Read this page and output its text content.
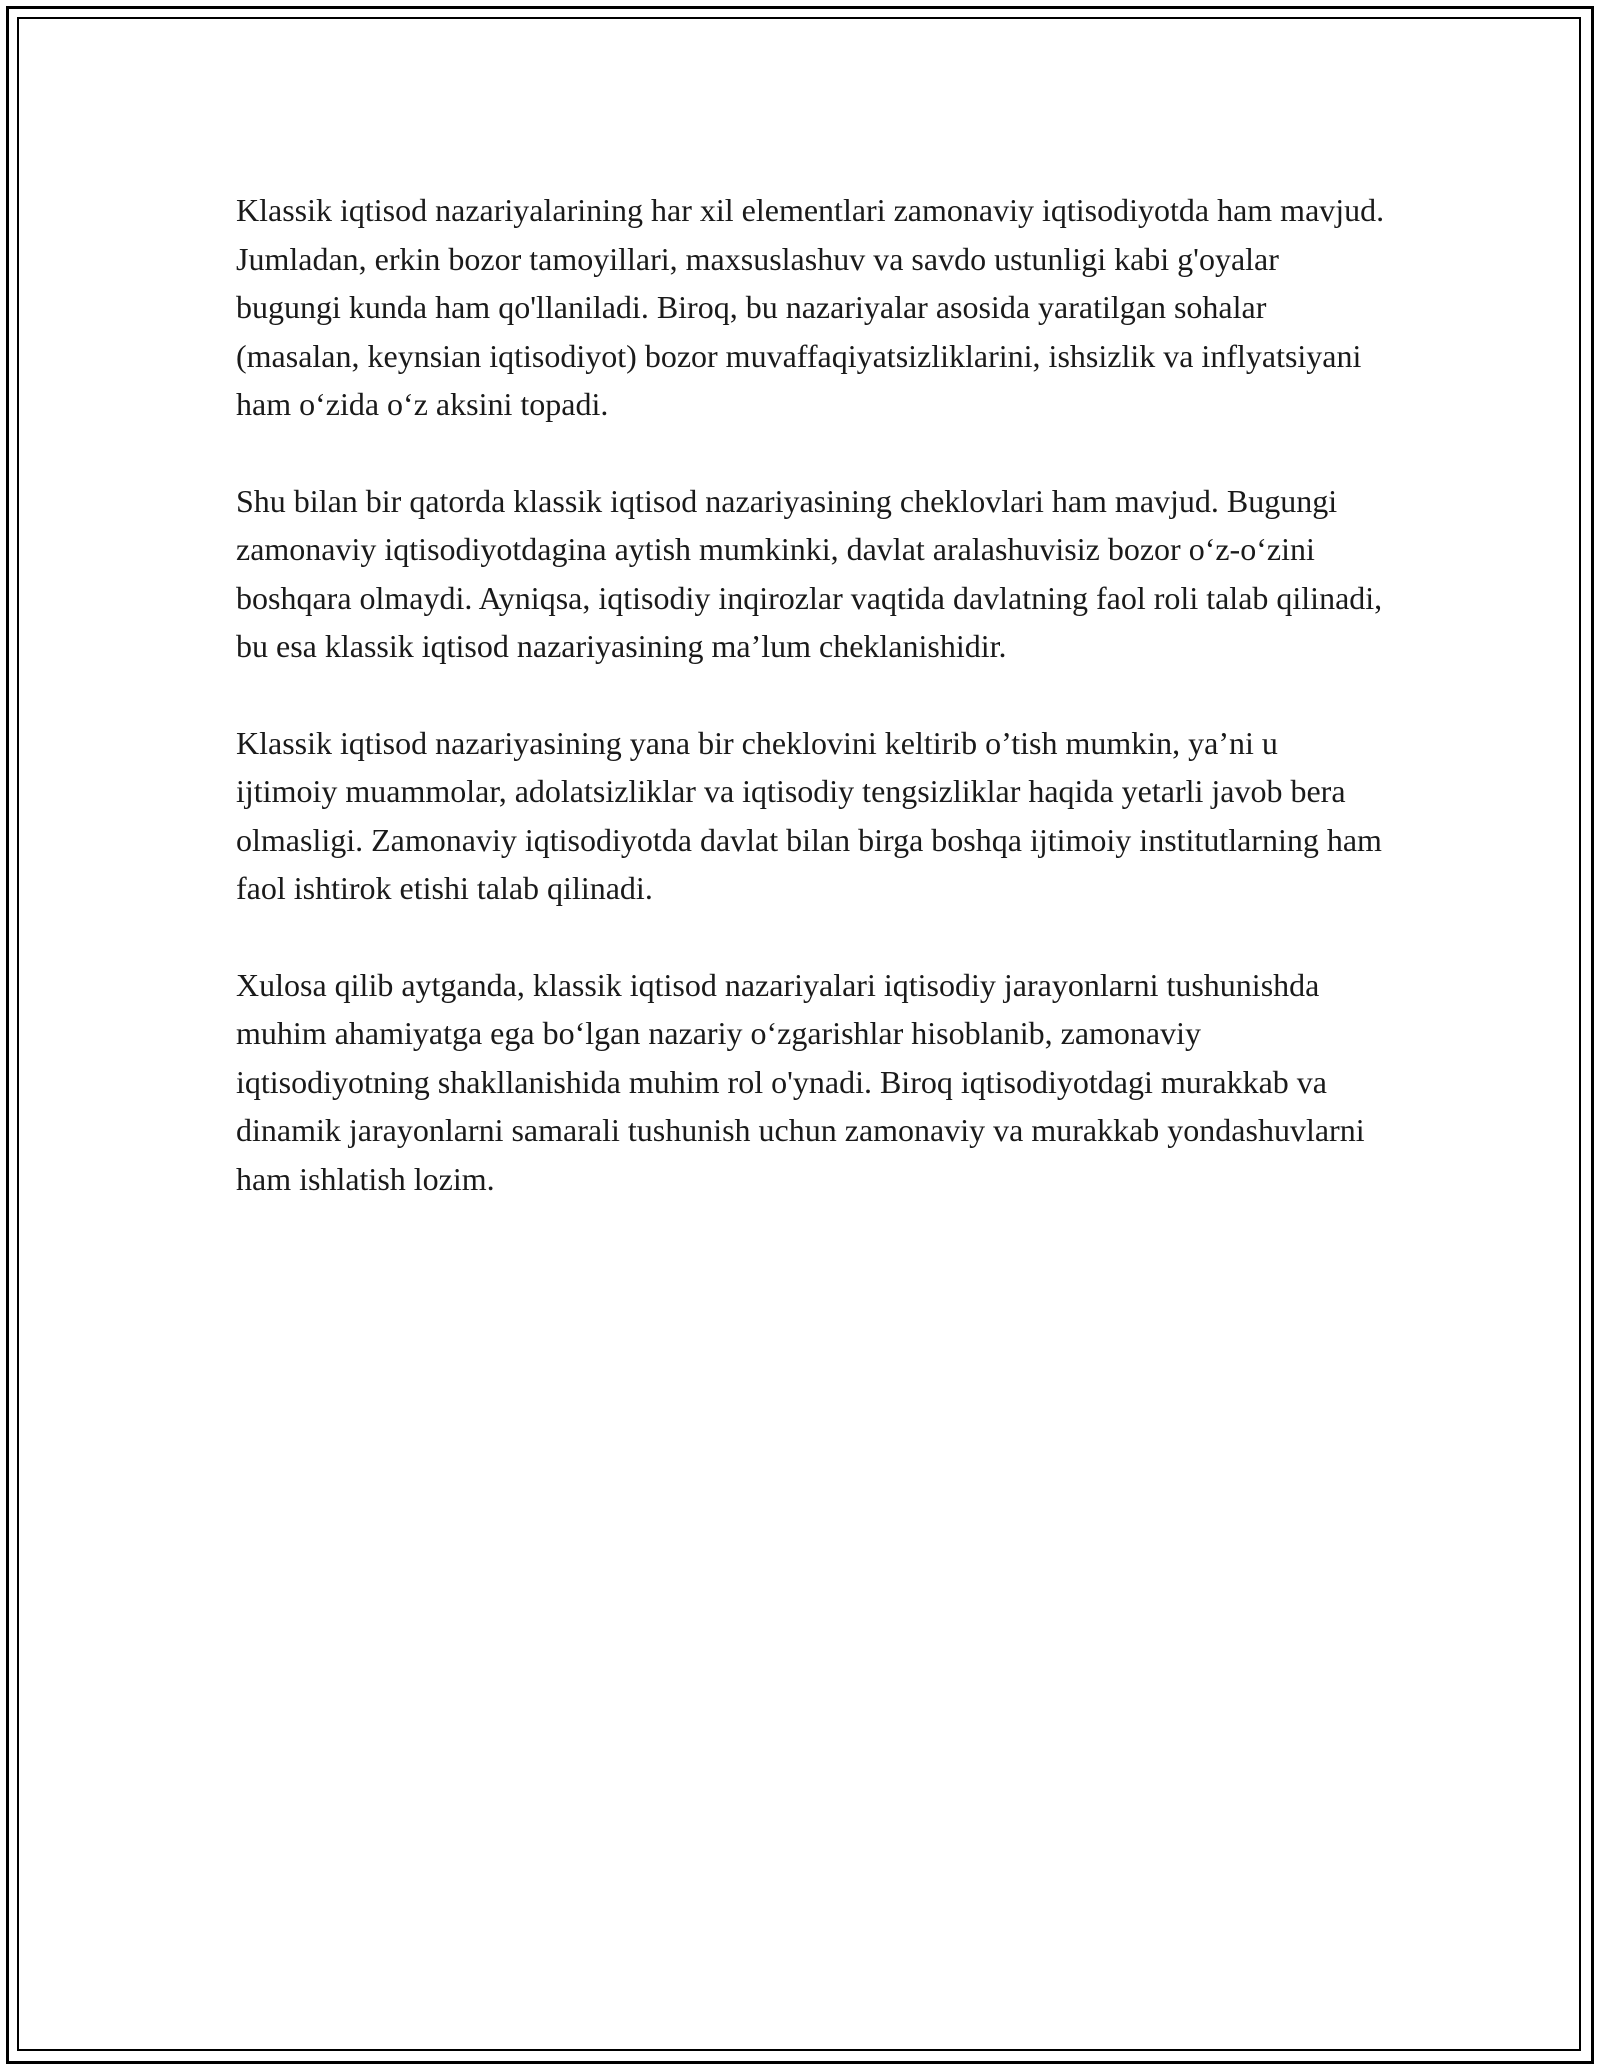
Klassik iqtisod nazariyalarining har xil elementlari zamonaviy iqtisodiyotda ham mavjud. Jumladan, erkin bozor tamoyillari, maxsuslashuv va savdo ustunligi kabi g'oyalar bugungi kunda ham qo'llaniladi. Biroq, bu nazariyalar asosida yaratilgan sohalar (masalan, keynsian iqtisodiyot) bozor muvaffaqiyatsizliklarini, ishsizlik va inflyatsiyani ham o‘zida o‘z aksini topadi.

Shu bilan bir qatorda klassik iqtisod nazariyasining cheklovlari ham mavjud. Bugungi zamonaviy iqtisodiyotdagina aytish mumkinki, davlat aralashuvisiz bozor o‘z-o‘zini boshqara olmaydi. Ayniqsa, iqtisodiy inqirozlar vaqtida davlatning faol roli talab qilinadi, bu esa klassik iqtisod nazariyasining ma’lum cheklanishidir.

Klassik iqtisod nazariyasining yana bir cheklovini keltirib o’tish mumkin, ya’ni u ijtimoiy muammolar, adolatsizliklar va iqtisodiy tengsizliklar haqida yetarli javob bera olmasligi. Zamonaviy iqtisodiyotda davlat bilan birga boshqa ijtimoiy institutlarning ham faol ishtirok etishi talab qilinadi.

Xulosa qilib aytganda, klassik iqtisod nazariyalari iqtisodiy jarayonlarni tushunishda muhim ahamiyatga ega bo‘lgan nazariy o‘zgarishlar hisoblanib, zamonaviy iqtisodiyotning shakllanishida muhim rol o'ynadi. Biroq iqtisodiyotdagi murakkab va dinamik jarayonlarni samarali tushunish uchun zamonaviy va murakkab yondashuvlarni ham ishlatish lozim.
